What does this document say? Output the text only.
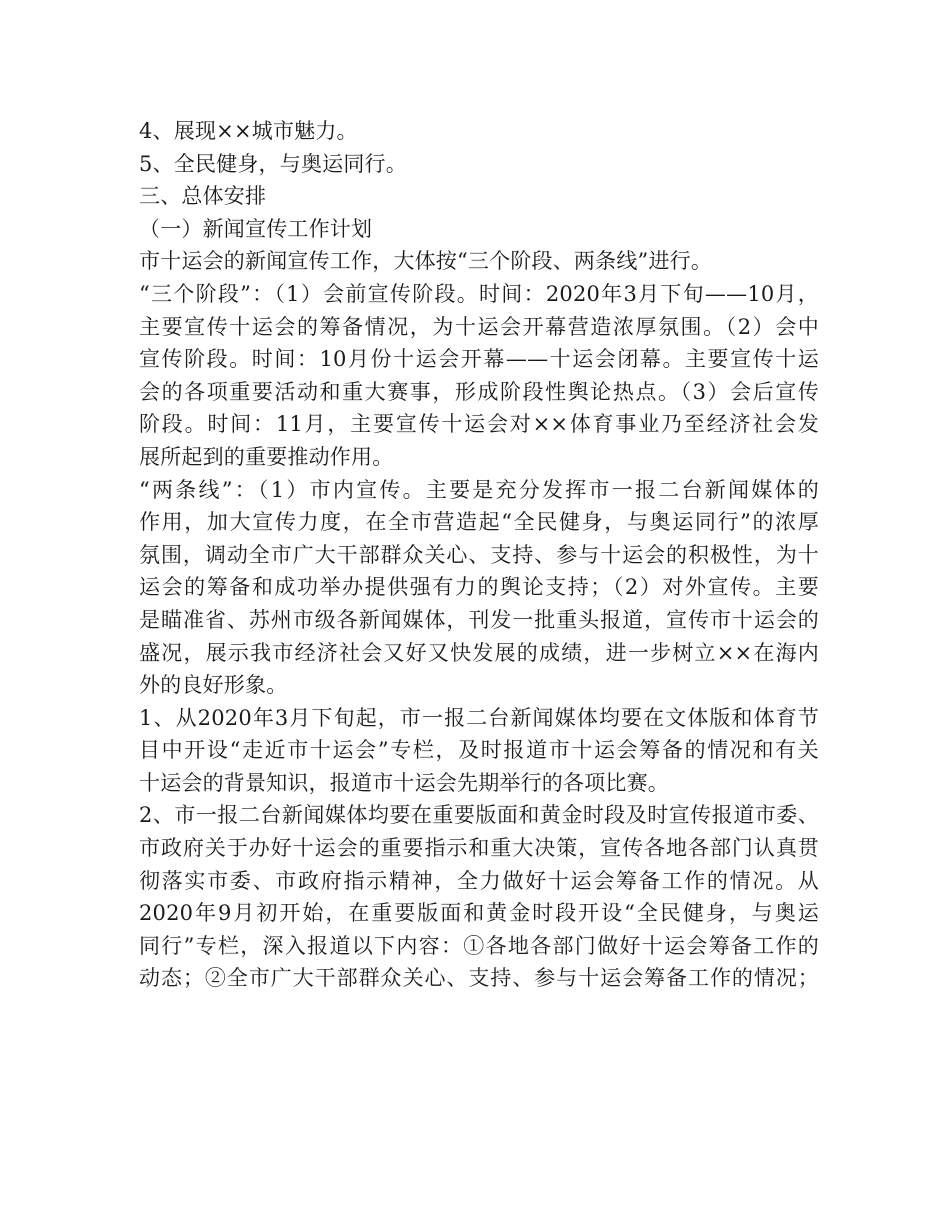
4、展现××城市魅力。
5、全民健身，与奥运同行。
三、总体安排
（一）新闻宣传工作计划
市十运会的新闻宣传工作，大体按“三个阶段、两条线”进行。
“三个阶段”：（1）会前宣传阶段。时间：2020年3月下旬——10月，
主要宣传十运会的筹备情况，为十运会开幕营造浓厚氛围。（2）会中
宣传阶段。时间：10月份十运会开幕——十运会闭幕。主要宣传十运
会的各项重要活动和重大赛事，形成阶段性舆论热点。（3）会后宣传
阶段。时间：11月，主要宣传十运会对××体育事业乃至经济社会发
展所起到的重要推动作用。
“两条线”：（1）市内宣传。主要是充分发挥市一报二台新闻媒体的
作用，加大宣传力度，在全市营造起“全民健身，与奥运同行”的浓厚
氛围，调动全市广大干部群众关心、支持、参与十运会的积极性，为十
运会的筹备和成功举办提供强有力的舆论支持；（2）对外宣传。主要
是瞄准省、苏州市级各新闻媒体，刊发一批重头报道，宣传市十运会的
盛况，展示我市经济社会又好又快发展的成绩，进一步树立××在海内
外的良好形象。
1、从2020年3月下旬起，市一报二台新闻媒体均要在文体版和体育节
目中开设“走近市十运会”专栏，及时报道市十运会筹备的情况和有关
十运会的背景知识，报道市十运会先期举行的各项比赛。
2、市一报二台新闻媒体均要在重要版面和黄金时段及时宣传报道市委、
市政府关于办好十运会的重要指示和重大决策，宣传各地各部门认真贯
彻落实市委、市政府指示精神，全力做好十运会筹备工作的情况。从
2020年9月初开始，在重要版面和黄金时段开设“全民健身，与奥运
同行”专栏，深入报道以下内容：①各地各部门做好十运会筹备工作的
动态；②全市广大干部群众关心、支持、参与十运会筹备工作的情况；
